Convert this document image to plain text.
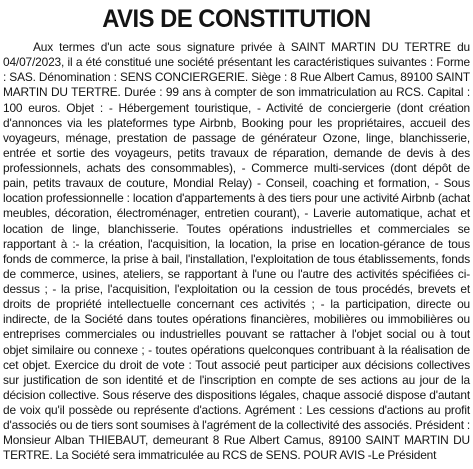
AVIS DE CONSTITUTION

Aux termes d'un acte sous signature privée à SAINT MARTIN DU TERTRE du 04/07/2023, il a été constitué une société présentant les caractéristiques suivantes : Forme : SAS. Dénomination : SENS CONCIERGERIE. Siège : 8 Rue Albert Camus, 89100 SAINT MARTIN DU TERTRE. Durée : 99 ans à compter de son immatriculation au RCS. Capital : 100 euros. Objet : - Hébergement touristique, - Activité de conciergerie (dont création d'annonces via les plateformes type Airbnb, Booking pour les propriétaires, accueil des voyageurs, ménage, prestation de passage de générateur Ozone, linge, blanchisserie, entrée et sortie des voyageurs, petits travaux de réparation, demande de devis à des professionnels, achats des consommables), - Commerce multi-services (dont dépôt de pain, petits travaux de couture, Mondial Relay) - Conseil, coaching et formation, - Sous location professionnelle : location d'appartements à des tiers pour une activité Airbnb (achat meubles, décoration, électroménager, entretien courant), - Laverie automatique, achat et location de linge, blanchisserie. Toutes opérations industrielles et commerciales se rapportant à :- la création, l'acquisition, la location, la prise en location-gérance de tous fonds de commerce, la prise à bail, l'installation, l'exploitation de tous établissements, fonds de commerce, usines, ateliers, se rapportant à l'une ou l'autre des activités spécifiées ci-dessus ; - la prise, l'acquisition, l'exploitation ou la cession de tous procédés, brevets et droits de propriété intellectuelle concernant ces activités ; - la participation, directe ou indirecte, de la Société dans toutes opérations financières, mobilières ou immobilières ou entreprises commerciales ou industrielles pouvant se rattacher à l'objet social ou à tout objet similaire ou connexe ; - toutes opérations quelconques contribuant à la réalisation de cet objet. Exercice du droit de vote : Tout associé peut participer aux décisions collectives sur justification de son identité et de l'inscription en compte de ses actions au jour de la décision collective. Sous réserve des dispositions légales, chaque associé dispose d'autant de voix qu'il possède ou représente d'actions. Agrément : Les cessions d'actions au profit d'associés ou de tiers sont soumises à l'agrément de la collectivité des associés. Président : Monsieur Alban THIEBAUT, demeurant 8 Rue Albert Camus, 89100 SAINT MARTIN DU TERTRE. La Société sera immatriculée au RCS de SENS. POUR AVIS -Le Président
